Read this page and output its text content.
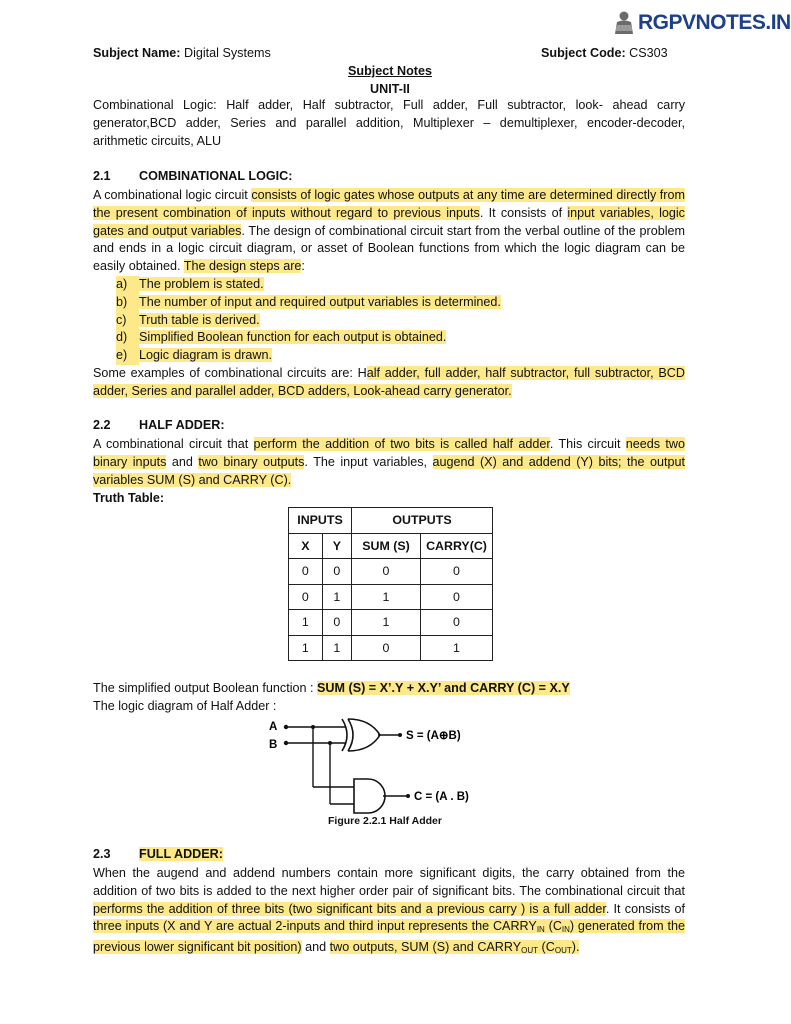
RGPVNOTES.IN
Subject Name: Digital Systems	Subject Code: CS303
Subject Notes
UNIT-II

Combinational Logic: Half adder, Half subtractor, Full adder, Full subtractor, look- ahead carry generator,BCD adder, Series and parallel addition, Multiplexer – demultiplexer, encoder-decoder, arithmetic circuits, ALU

2.1 COMBINATIONAL LOGIC:

A combinational logic circuit consists of logic gates whose outputs at any time are determined directly from the present combination of inputs without regard to previous inputs. It consists of input variables, logic gates and output variables. The design of combinational circuit start from the verbal outline of the problem and ends in a logic circuit diagram, or asset of Boolean functions from which the logic diagram can be easily obtained. The design steps are:

a) The problem is stated.
b) The number of input and required output variables is determined.
c) Truth table is derived.
d) Simplified Boolean function for each output is obtained.
e) Logic diagram is drawn.

Some examples of combinational circuits are: Half adder, full adder, half subtractor, full subtractor, BCD adder, Series and parallel adder, BCD adders, Look-ahead carry generator.

2.2 HALF ADDER:

A combinational circuit that perform the addition of two bits is called half adder. This circuit needs two binary inputs and two binary outputs. The input variables, augend (X) and addend (Y) bits; the output variables SUM (S) and CARRY (C).

Truth Table:
INPUTS		OUTPUTS	
X	Y	SUM (S)	CARRY(C)
0	0	0	0
0	1	1	0
1	0	1	0
1	1	0	1
The simplified output Boolean function : SUM (S) = X’.Y + X.Y’ and CARRY (C) = X.Y
The logic diagram of Half Adder :
A
B
S = (A⊕B)
C = (A . B)
Figure 2.2.1 Half Adder
2.3 FULL ADDER:

When the augend and addend numbers contain more significant digits, the carry obtained from the addition of two bits is added to the next higher order pair of significant bits. The combinational circuit that performs the addition of three bits (two significant bits and a previous carry ) is a full adder. It consists of three inputs (X and Y are actual 2-inputs and third input represents the $CARRY_{IN}$ $(C_{IN})$ generated from the previous lower significant bit position) and two outputs, SUM (S) and $CARRY_{OUT}$ $(C_{OUT})$.
